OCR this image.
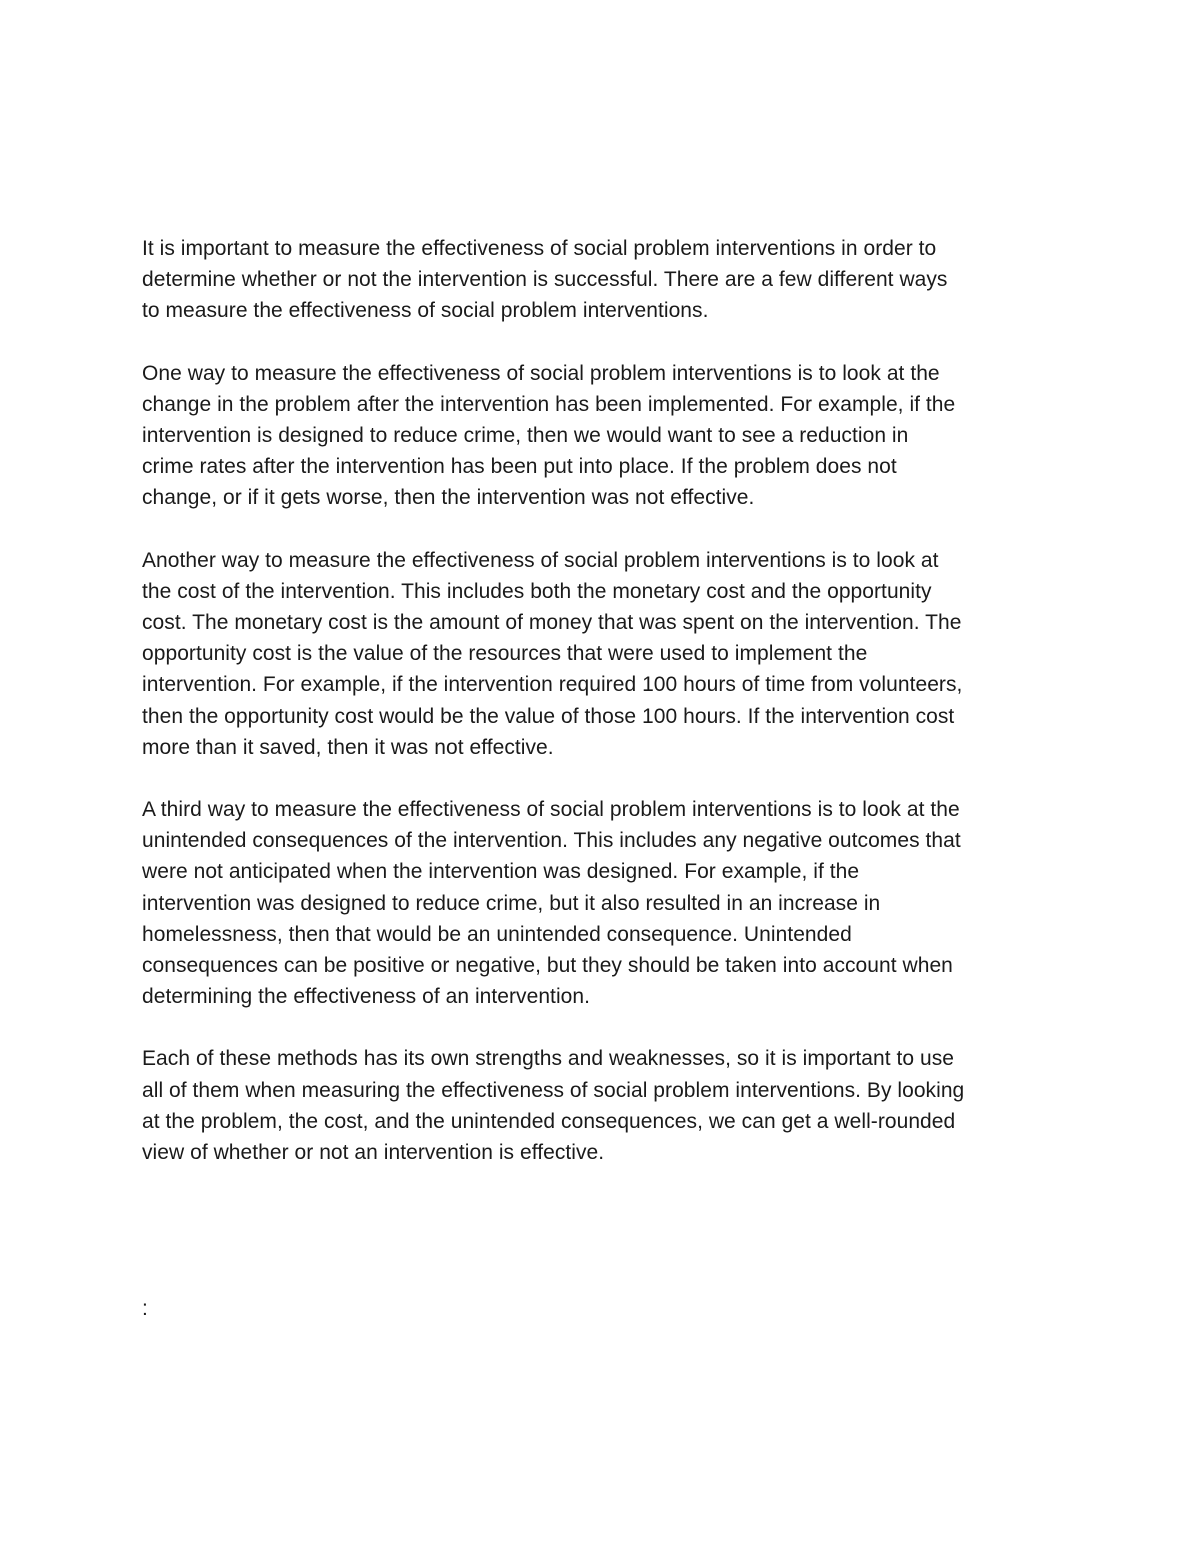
It is important to measure the effectiveness of social problem interventions in order to
determine whether or not the intervention is successful. There are a few different ways
to measure the effectiveness of social problem interventions.

One way to measure the effectiveness of social problem interventions is to look at the
change in the problem after the intervention has been implemented. For example, if the
intervention is designed to reduce crime, then we would want to see a reduction in
crime rates after the intervention has been put into place. If the problem does not
change, or if it gets worse, then the intervention was not effective.

Another way to measure the effectiveness of social problem interventions is to look at
the cost of the intervention. This includes both the monetary cost and the opportunity
cost. The monetary cost is the amount of money that was spent on the intervention. The
opportunity cost is the value of the resources that were used to implement the
intervention. For example, if the intervention required 100 hours of time from volunteers,
then the opportunity cost would be the value of those 100 hours. If the intervention cost
more than it saved, then it was not effective.

A third way to measure the effectiveness of social problem interventions is to look at the
unintended consequences of the intervention. This includes any negative outcomes that
were not anticipated when the intervention was designed. For example, if the
intervention was designed to reduce crime, but it also resulted in an increase in
homelessness, then that would be an unintended consequence. Unintended
consequences can be positive or negative, but they should be taken into account when
determining the effectiveness of an intervention.

Each of these methods has its own strengths and weaknesses, so it is important to use
all of them when measuring the effectiveness of social problem interventions. By looking
at the problem, the cost, and the unintended consequences, we can get a well-rounded
view of whether or not an intervention is effective.

:
